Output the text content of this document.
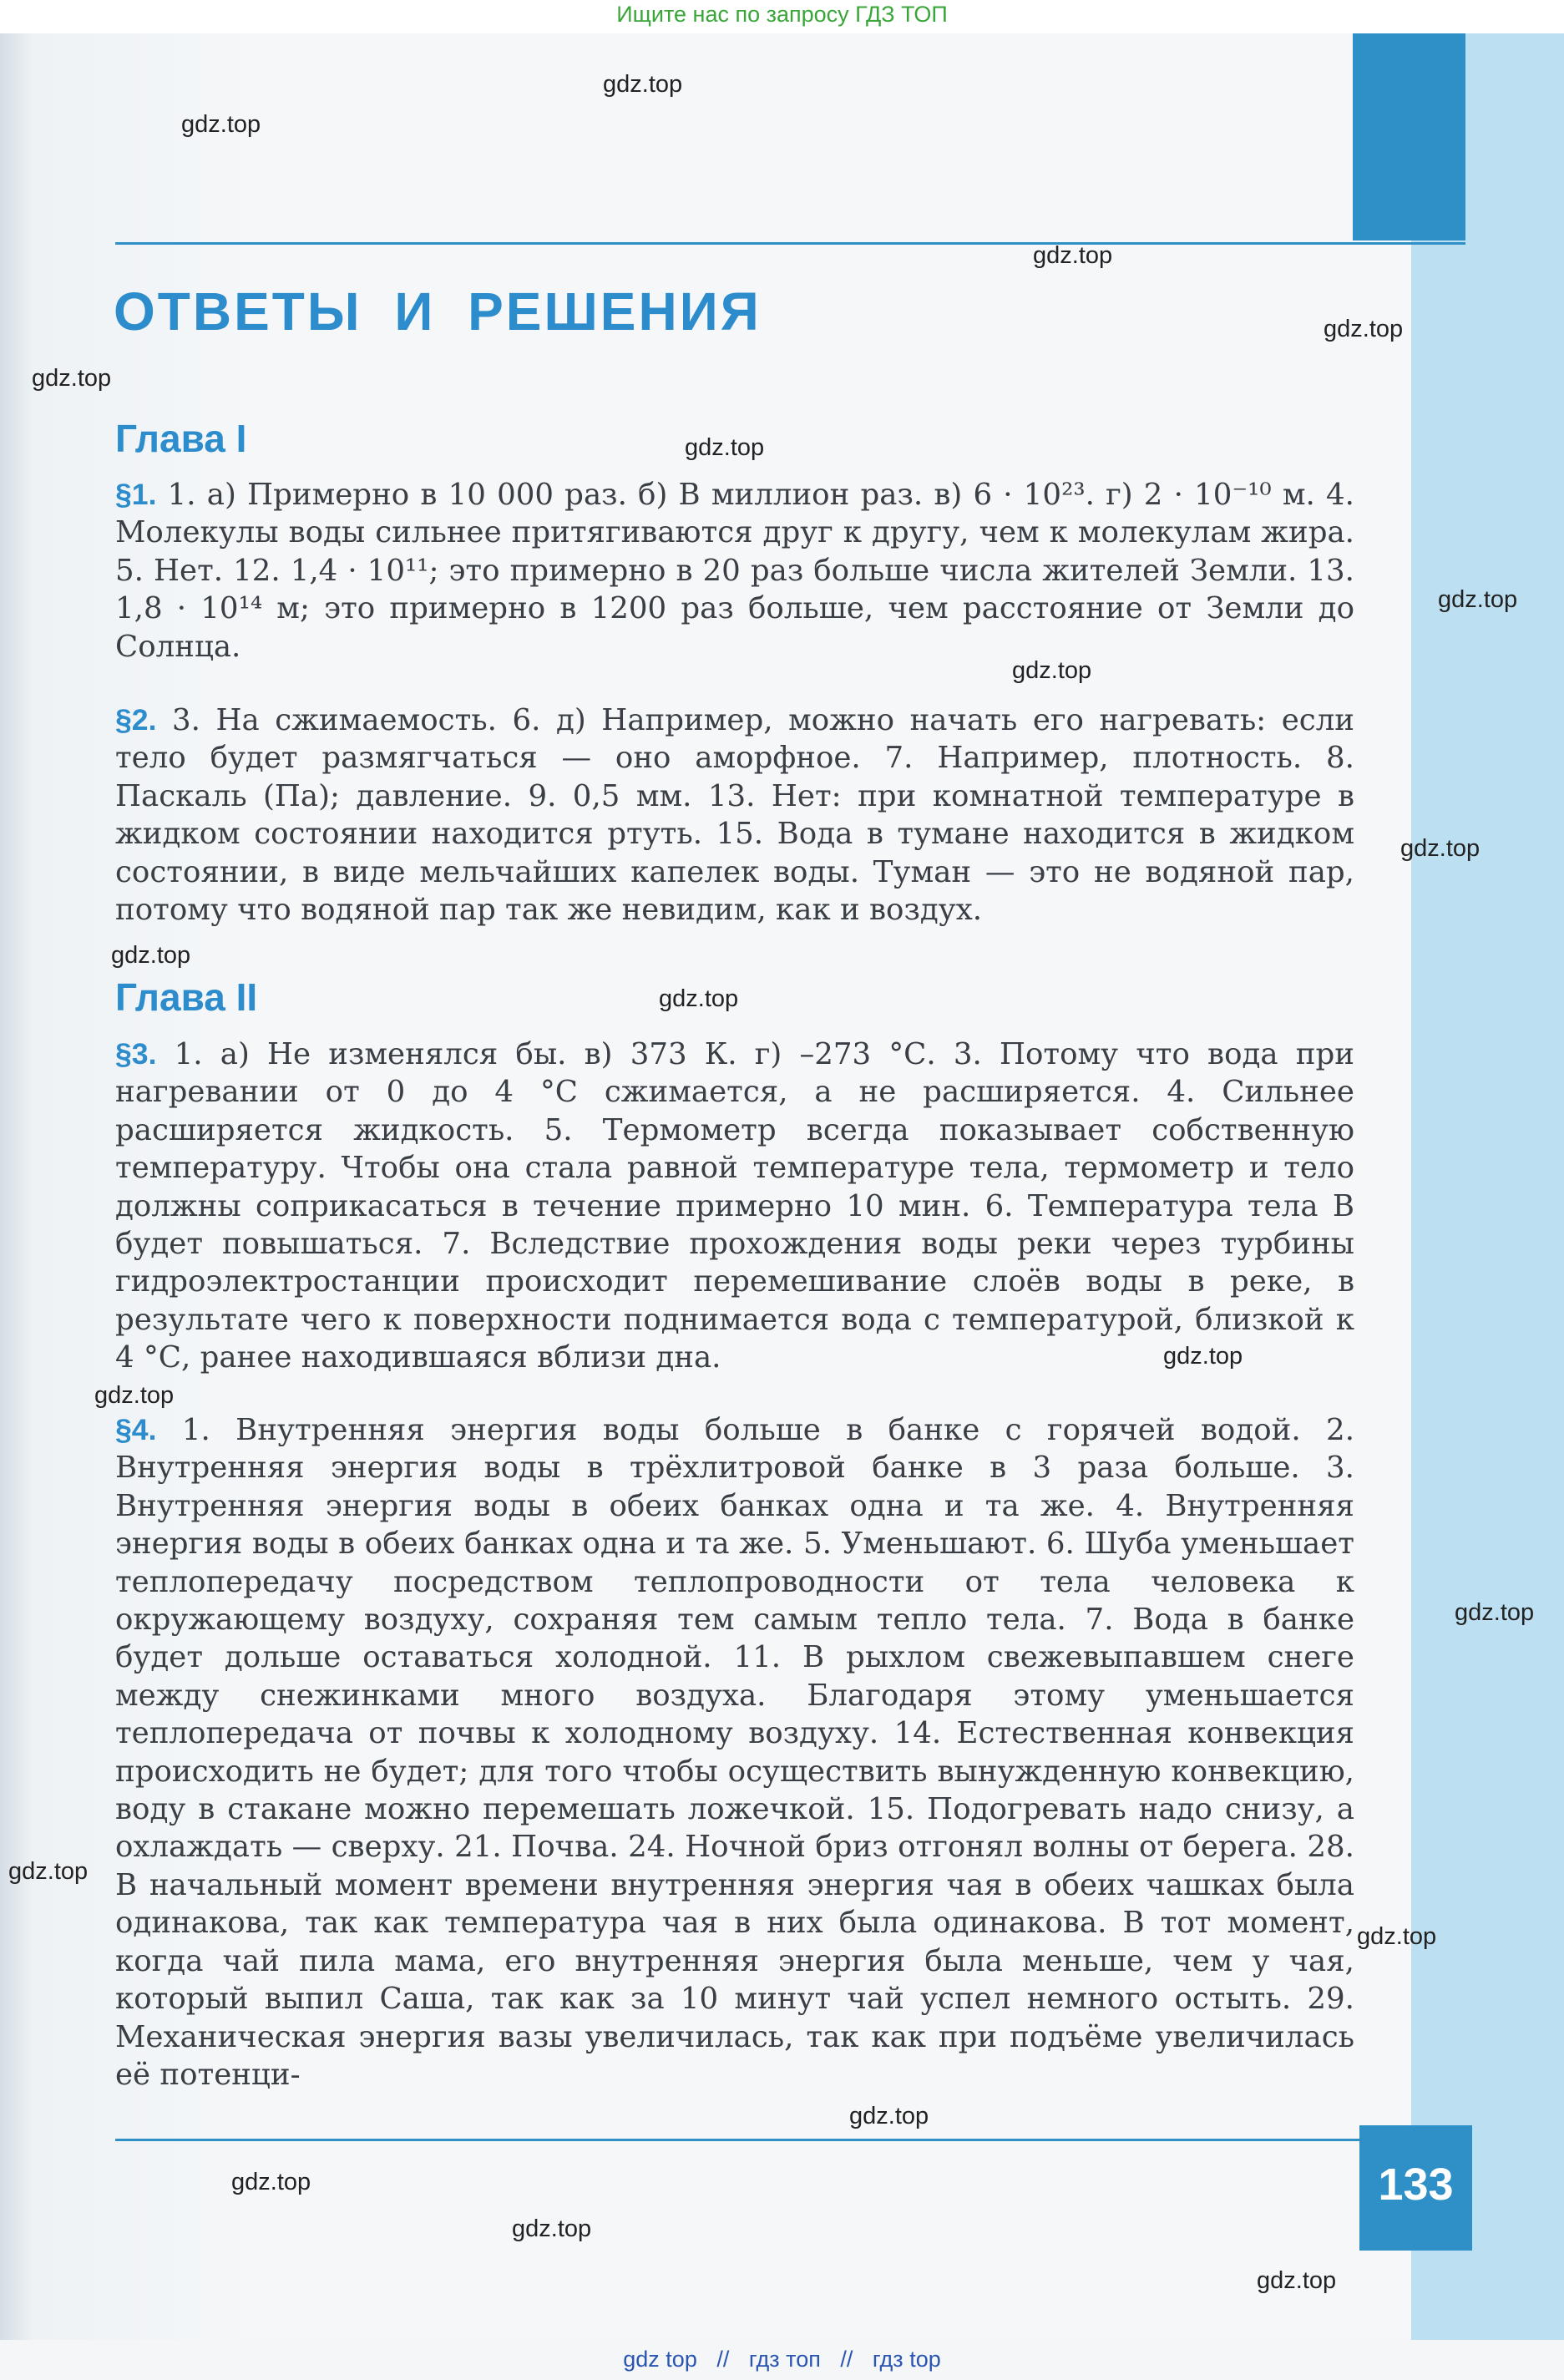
Ищите нас по запросу ГДЗ ТОП
ОТВЕТЫ И РЕШЕНИЯ
Глава I

§1. 1. а) Примерно в 10 000 раз. б) В миллион раз. в) 6 · 10²³. г) 2 · 10⁻¹⁰ м. 4. Молекулы воды сильнее притягиваются друг к другу, чем к молекулам жира. 5. Нет. 12. 1,4 · 10¹¹; это примерно в 20 раз больше числа жителей Земли. 13. 1,8 · 10¹⁴ м; это примерно в 1200 раз больше, чем расстояние от Земли до Солнца.

§2. 3. На сжимаемость. 6. д) Например, можно начать его нагревать: если тело будет размягчаться — оно аморфное. 7. Например, плотность. 8. Паскаль (Па); давление. 9. 0,5 мм. 13. Нет: при комнатной температуре в жидком состоянии находится ртуть. 15. Вода в тумане находится в жидком состоянии, в виде мельчайших капелек воды. Туман — это не водяной пар, потому что водяной пар так же невидим, как и воздух.

Глава II

§3. 1. а) Не изменялся бы. в) 373 К. г) –273 °С. 3. Потому что вода при нагревании от 0 до 4 °С сжимается, а не расширяется. 4. Сильнее расширяется жидкость. 5. Термометр всегда показывает собственную температуру. Чтобы она стала равной температуре тела, термометр и тело должны соприкасаться в течение примерно 10 мин. 6. Температура тела B будет повышаться. 7. Вследствие прохождения воды реки через турбины гидроэлектростанции происходит перемешивание слоёв воды в реке, в результате чего к поверхности поднимается вода с температурой, близкой к 4 °С, ранее находившаяся вблизи дна.

§4. 1. Внутренняя энергия воды больше в банке с горячей водой. 2. Внутренняя энергия воды в трёхлитровой банке в 3 раза больше. 3. Внутренняя энергия воды в обеих банках одна и та же. 4. Внутренняя энергия воды в обеих банках одна и та же. 5. Уменьшают. 6. Шуба уменьшает теплопередачу посредством теплопроводности от тела человека к окружающему воздуху, сохраняя тем самым тепло тела. 7. Вода в банке будет дольше оставаться холодной. 11. В рыхлом свежевыпавшем снеге между снежинками много воздуха. Благодаря этому уменьшается теплопередача от почвы к холодному воздуху. 14. Естественная конвекция происходить не будет; для того чтобы осуществить вынужденную конвекцию, воду в стакане можно перемешать ложечкой. 15. Подогревать надо снизу, а охлаждать — сверху. 21. Почва. 24. Ночной бриз отгонял волны от берега. 28. В начальный момент времени внутренняя энергия чая в обеих чашках была одинакова, так как температура чая в них была одинакова. В тот момент, когда чай пила мама, его внутренняя энергия была меньше, чем у чая, который выпил Саша, так как за 10 минут чай успел немного остыть. 29. Механическая энергия вазы увеличилась, так как при подъёме увеличилась её потенци-

133
gdz.top
gdz.top
gdz.top
gdz.top
gdz.top
gdz.top
gdz.top
gdz.top
gdz.top
gdz.top
gdz.top
gdz.top
gdz.top
gdz.top
gdz.top
gdz.top
gdz.top
gdz.top
gdz.top
gdz.top
gdz top // гдз топ // гдз top
